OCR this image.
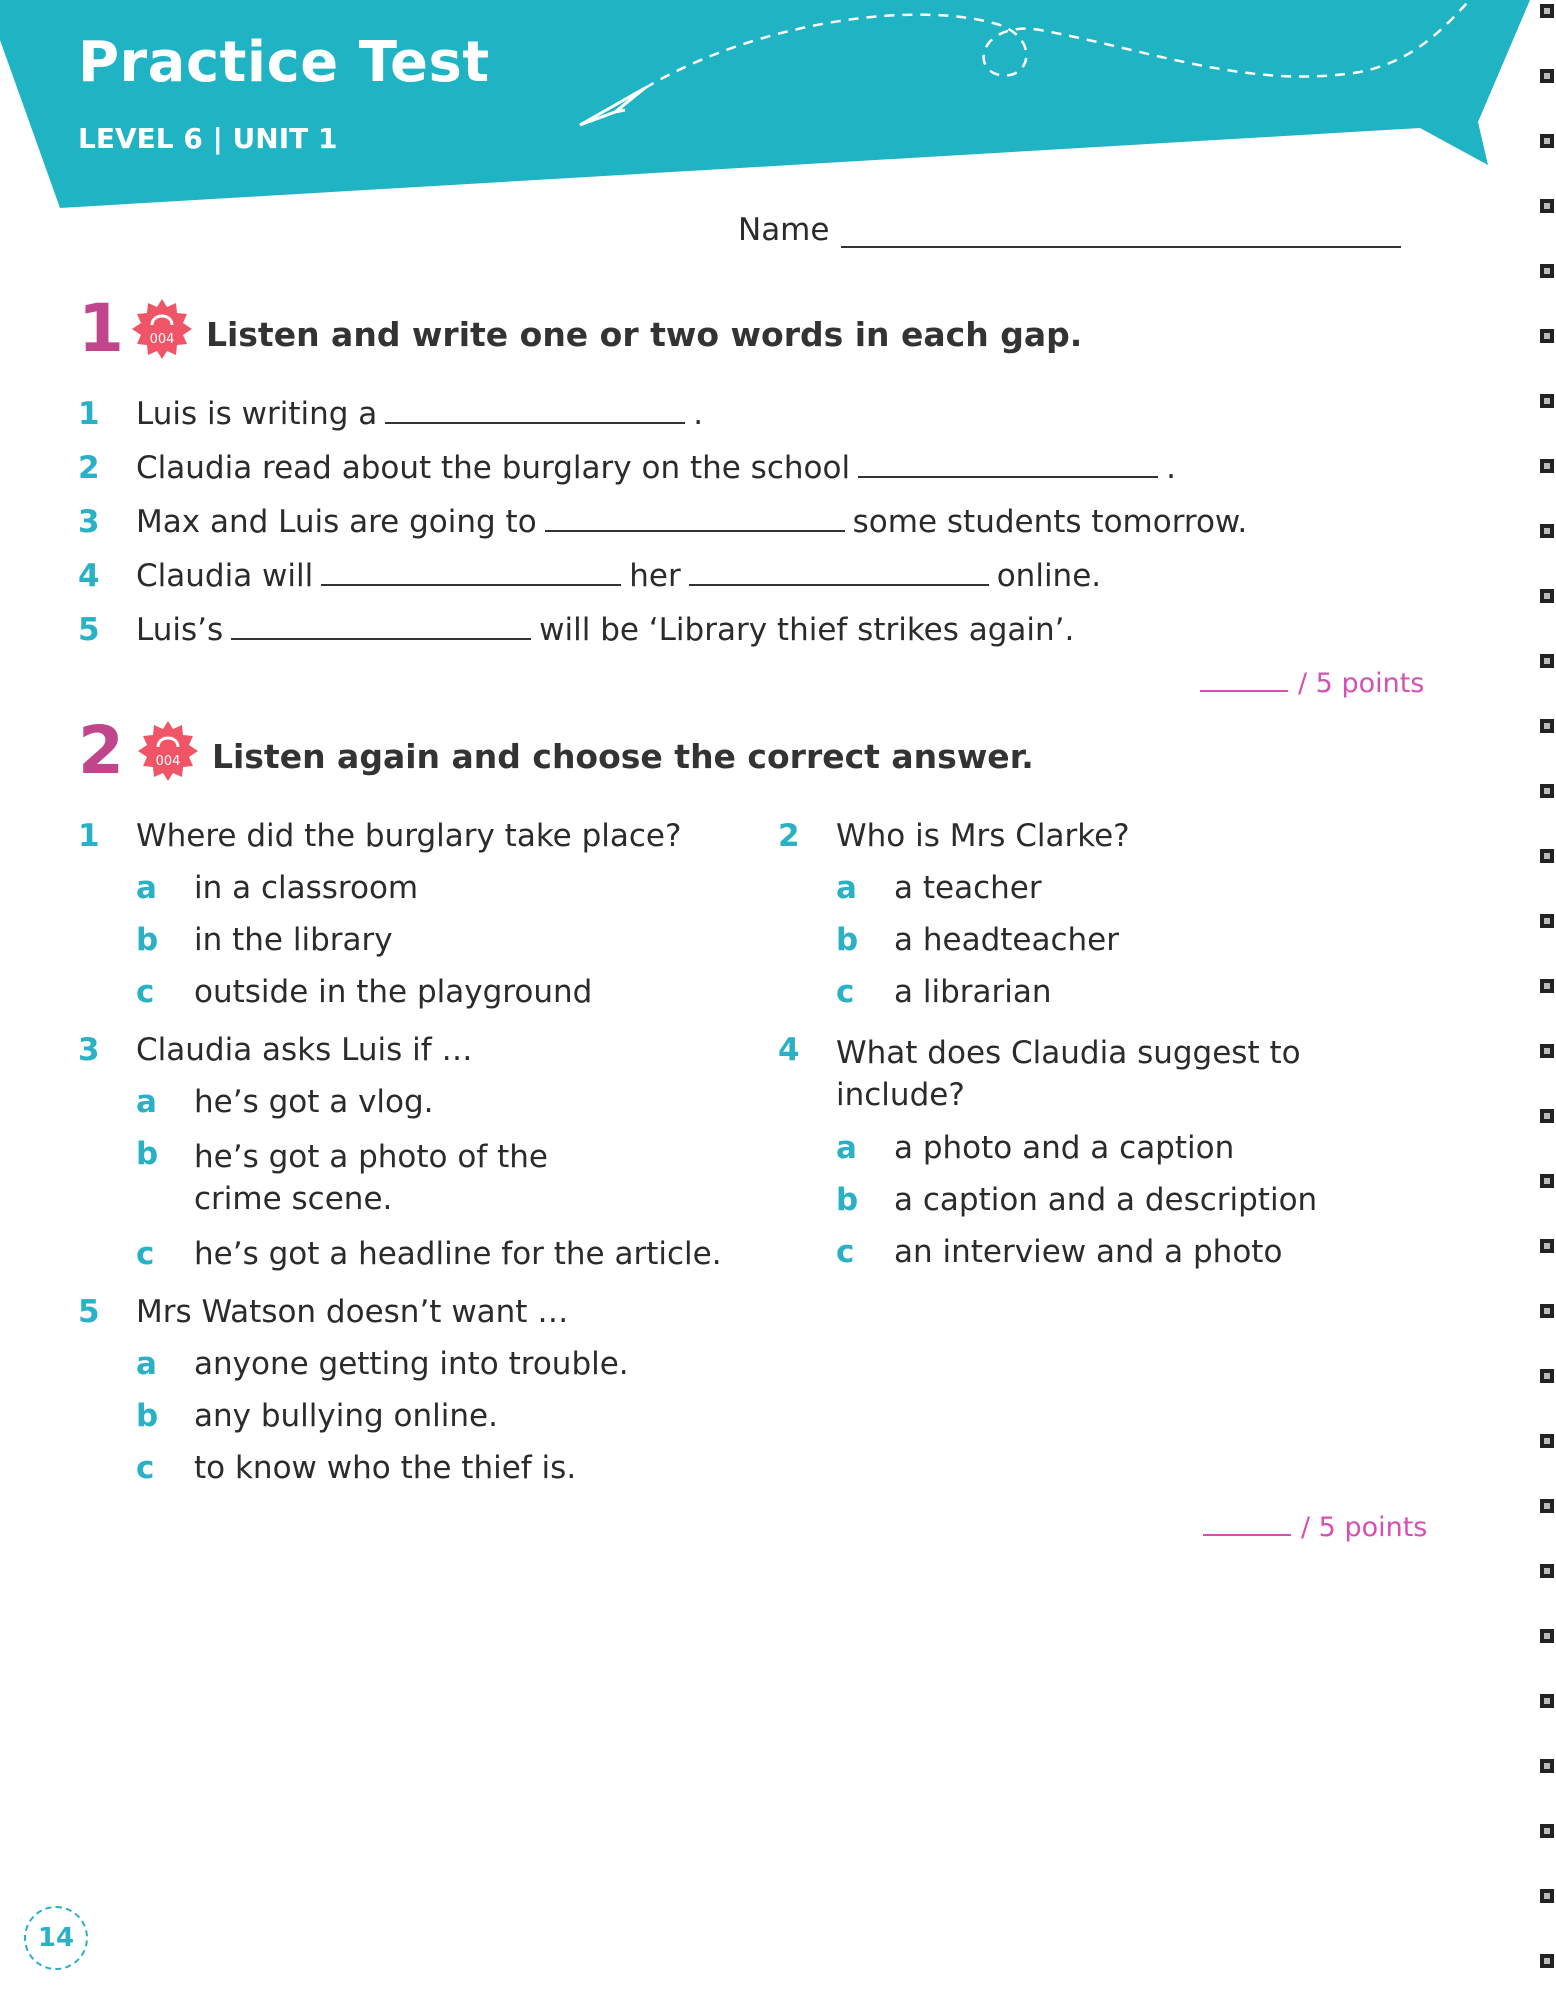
Practice Test
LEVEL 6 | UNIT 1
Name
1 004 Listen and write one or two words in each gap.
1	Luis is writing a	.
2	Claudia read about the burglary on the school	.
3	Max and Luis are going to	some students tomorrow.
4	Claudia will	her	online.
5	Luis’s	will be ‘Library thief strikes again’.
/ 5 points
2 004 Listen again and choose the correct answer.
1	Where did the burglary take place?
a	in a classroom
b	in the library
c	outside in the playground
2	Who is Mrs Clarke?
a	a teacher
b	a headteacher
c	a librarian
3	Claudia asks Luis if …
a	he’s got a vlog.
b	he’s got a photo of the crime scene.
c	he’s got a headline for the article.
4	What does Claudia suggest to include?
a	a photo and a caption
b	a caption and a description
c	an interview and a photo
5	Mrs Watson doesn’t want …
a	anyone getting into trouble.
b	any bullying online.
c	to know who the thief is.
/ 5 points
14
